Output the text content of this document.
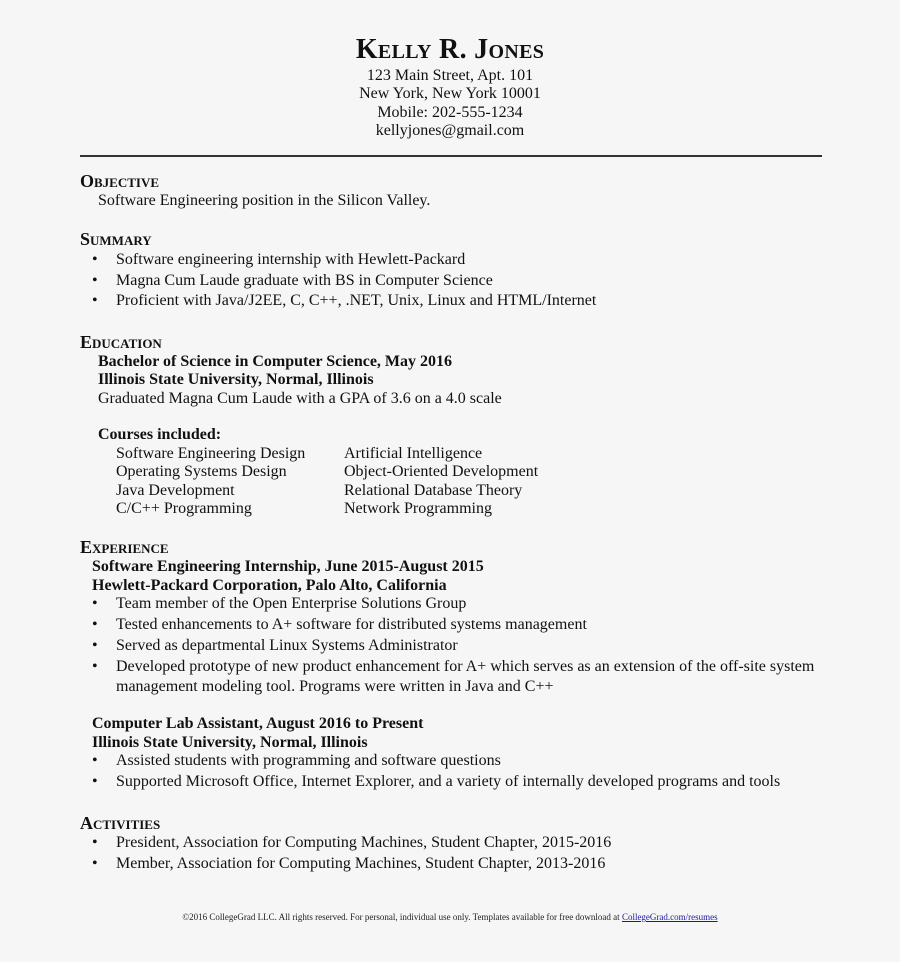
Kelly R. Jones
123 Main Street, Apt. 101
New York, New York 10001
Mobile: 202-555-1234
kellyjones@gmail.com
Objective
Software Engineering position in the Silicon Valley.
Summary
• Software engineering internship with Hewlett-Packard
• Magna Cum Laude graduate with BS in Computer Science
• Proficient with Java/J2EE, C, C++, .NET, Unix, Linux and HTML/Internet
Education
Bachelor of Science in Computer Science, May 2016
Illinois State University, Normal, Illinois
Graduated Magna Cum Laude with a GPA of 3.6 on a 4.0 scale
Courses included:
Software Engineering Design
Operating Systems Design
Java Development
C/C++ Programming
Artificial Intelligence
Object-Oriented Development
Relational Database Theory
Network Programming
Experience
Software Engineering Internship, June 2015-August 2015
Hewlett-Packard Corporation, Palo Alto, California
• Team member of the Open Enterprise Solutions Group
• Tested enhancements to A+ software for distributed systems management
• Served as departmental Linux Systems Administrator
• Developed prototype of new product enhancement for A+ which serves as an extension of the off-site system
management modeling tool. Programs were written in Java and C++
Computer Lab Assistant, August 2016 to Present
Illinois State University, Normal, Illinois
• Assisted students with programming and software questions
• Supported Microsoft Office, Internet Explorer, and a variety of internally developed programs and tools
Activities
• President, Association for Computing Machines, Student Chapter, 2015-2016
• Member, Association for Computing Machines, Student Chapter, 2013-2016
©2016 CollegeGrad LLC. All rights reserved. For personal, individual use only. Templates available for free download at CollegeGrad.com/resumes
